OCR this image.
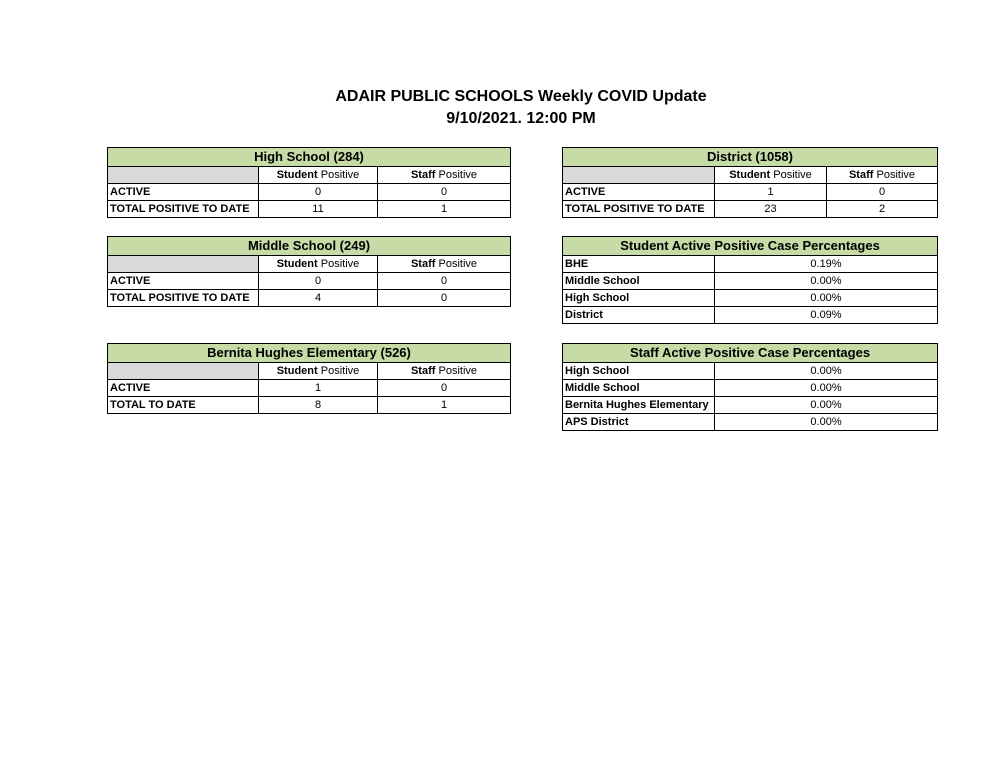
ADAIR PUBLIC SCHOOLS Weekly COVID Update
9/10/2021. 12:00 PM
High School (284)		
	Student Positive	Staff Positive
ACTIVE	0	0
TOTAL POSITIVE TO DATE	11	1
Middle School (249)		
	Student Positive	Staff Positive
ACTIVE	0	0
TOTAL POSITIVE TO DATE	4	0
Bernita Hughes Elementary (526)		
	Student Positive	Staff Positive
ACTIVE	1	0
TOTAL TO DATE	8	1
District (1058)		
	Student Positive	Staff Positive
ACTIVE	1	0
TOTAL POSITIVE TO DATE	23	2
Student Active Positive Case Percentages	
BHE	0.19%
Middle School	0.00%
High School	0.00%
District	0.09%
Staff Active Positive Case Percentages	
High School	0.00%
Middle School	0.00%
Bernita Hughes Elementary	0.00%
APS District	0.00%
